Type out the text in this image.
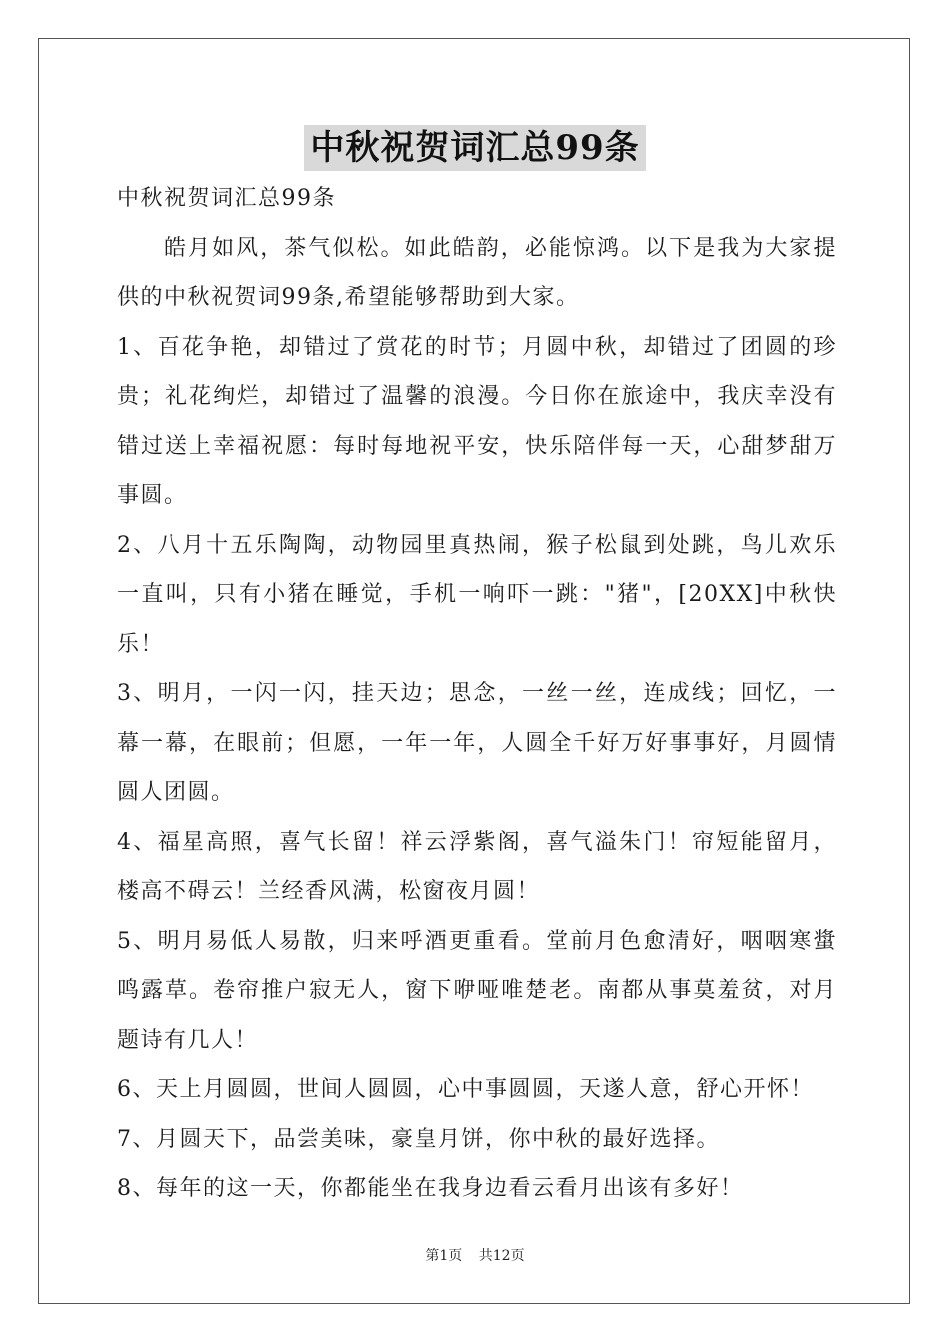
中秋祝贺词汇总99条

中秋祝贺词汇总99条

皓月如风，茶气似松。如此皓韵，必能惊鸿。以下是我为大家提供的中秋祝贺词99条,希望能够帮助到大家。

1、百花争艳，却错过了赏花的时节；月圆中秋，却错过了团圆的珍贵；礼花绚烂，却错过了温馨的浪漫。今日你在旅途中，我庆幸没有错过送上幸福祝愿：每时每地祝平安，快乐陪伴每一天，心甜梦甜万事圆。

2、八月十五乐陶陶，动物园里真热闹，猴子松鼠到处跳，鸟儿欢乐一直叫，只有小猪在睡觉，手机一响吓一跳："猪"，[20XX]中秋快乐！

3、明月，一闪一闪，挂天边；思念，一丝一丝，连成线；回忆，一幕一幕，在眼前；但愿，一年一年，人圆全千好万好事事好，月圆情圆人团圆。

4、福星高照，喜气长留！祥云浮紫阁，喜气溢朱门！帘短能留月，楼高不碍云！兰经香风满，松窗夜月圆！

5、明月易低人易散，归来呼酒更重看。堂前月色愈清好，咽咽寒螀鸣露草。卷帘推户寂无人，窗下咿哑唯楚老。南都从事莫羞贫，对月题诗有几人！

6、天上月圆圆，世间人圆圆，心中事圆圆，天遂人意，舒心开怀！

7、月圆天下，品尝美味，豪皇月饼，你中秋的最好选择。

8、每年的这一天，你都能坐在我身边看云看月出该有多好！

第1页 共12页
